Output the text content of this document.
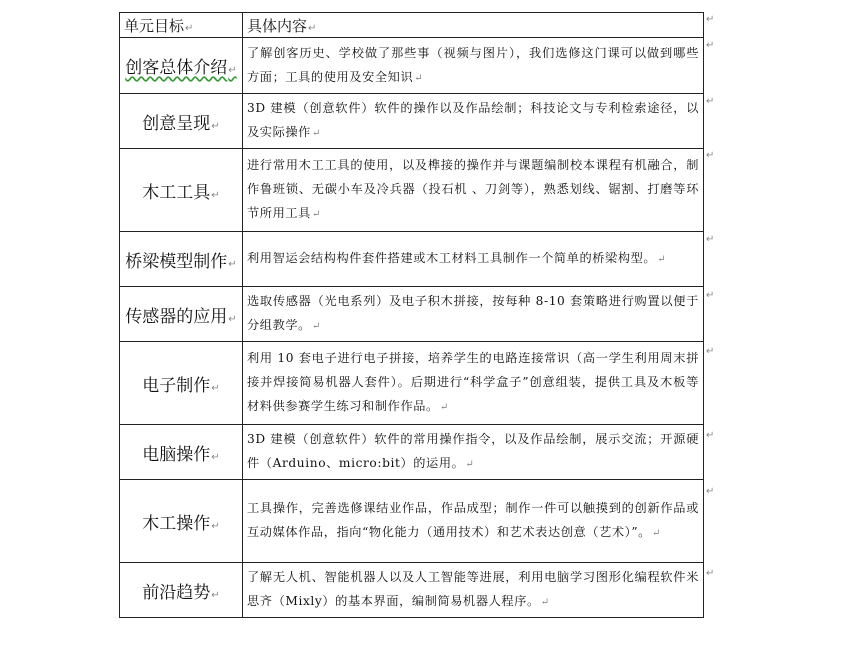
单元目标↵	具体内容↵
创客总体介绍↵	了解创客历史、学校做了那些事（视频与图片），我们选修这门课可以做到哪些方面；工具的使用及安全知识↵
创意呈现↵	3D 建模（创意软件）软件的操作以及作品绘制；科技论文与专利检索途径，以及实际操作↵
木工工具↵	进行常用木工工具的使用，以及榫接的操作并与课题编制校本课程有机融合，制作鲁班锁、无碳小车及冷兵器（投石机 、刀剑等），熟悉划线、锯割、打磨等环节所用工具↵
桥梁模型制作↵	利用智运会结构构件套件搭建或木工材料工具制作一个简单的桥梁构型。↵
传感器的应用↵	选取传感器（光电系列）及电子积木拼接，按每种 8-10 套策略进行购置以便于分组教学。↵
电子制作↵	利用 10 套电子进行电子拼接，培养学生的电路连接常识（高一学生利用周末拼接并焊接简易机器人套件）。后期进行“科学盒子”创意组装，提供工具及木板等材料供参赛学生练习和制作作品。↵
电脑操作↵	3D 建模（创意软件）软件的常用操作指令，以及作品绘制，展示交流；开源硬件（Arduino、micro:bit）的运用。↵
木工操作↵	工具操作，完善选修课结业作品，作品成型；制作一件可以触摸到的创新作品或互动媒体作品，指向“物化能力（通用技术）和艺术表达创意（艺术）”。↵
前沿趋势↵	了解无人机、智能机器人以及人工智能等进展，利用电脑学习图形化编程软件米思齐（Mixly）的基本界面，编制简易机器人程序。↵
↵
↵
↵
↵
↵
↵
↵
↵
↵
↵
